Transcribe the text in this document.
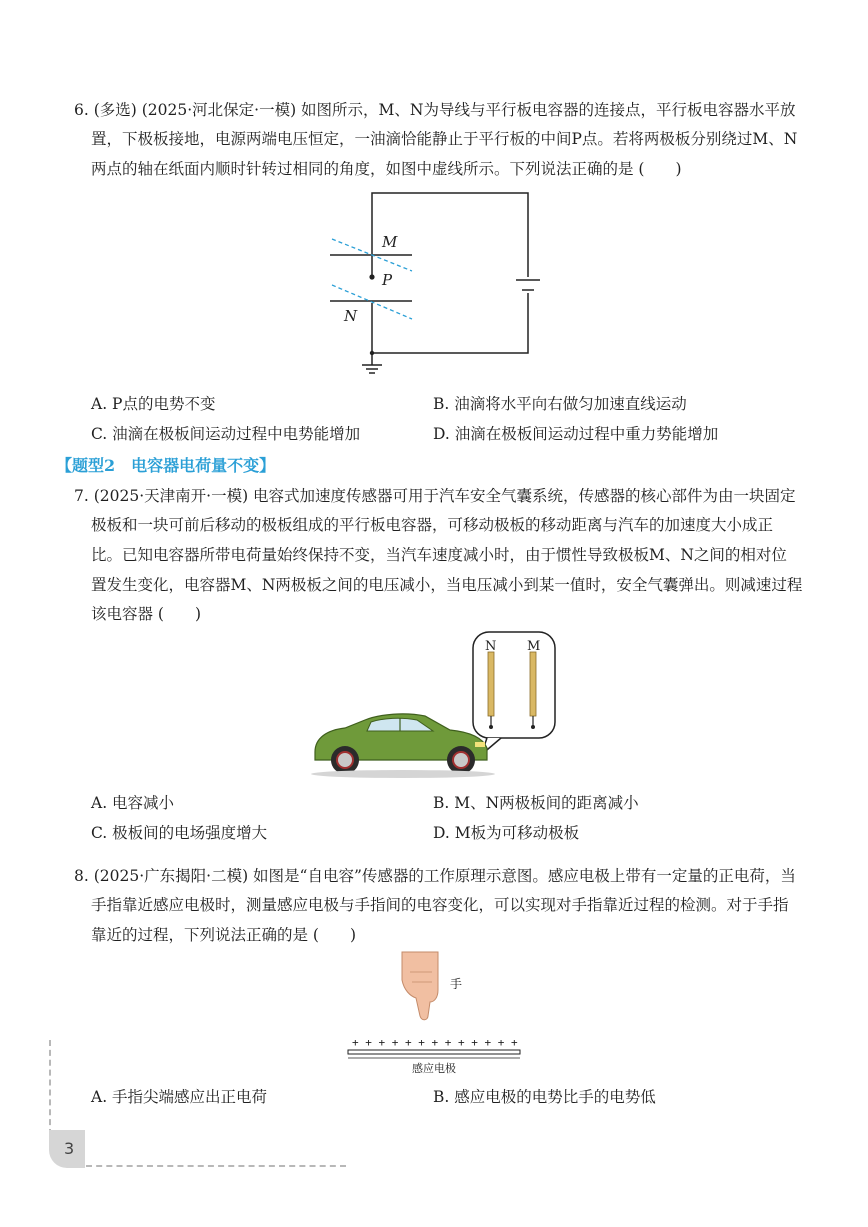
6. (多选) (2025·河北保定·一模) 如图所示，M、N为导线与平行板电容器的连接点，平行板电容器水平放
置，下极板接地，电源两端电压恒定，一油滴恰能静止于平行板的中间P点。若将两极板分别绕过M、N
两点的轴在纸面内顺时针转过相同的角度，如图中虚线所示。下列说法正确的是 (　　)
M
P
N
A. P点的电势不变	B. 油滴将水平向右做匀加速直线运动
C. 油滴在极板间运动过程中电势能增加	D. 油滴在极板间运动过程中重力势能增加
【题型2　电容器电荷量不变】
7. (2025·天津南开·一模) 电容式加速度传感器可用于汽车安全气囊系统，传感器的核心部件为由一块固定
极板和一块可前后移动的极板组成的平行板电容器，可移动极板的移动距离与汽车的加速度大小成正
比。已知电容器所带电荷量始终保持不变，当汽车速度减小时，由于惯性导致极板M、N之间的相对位
置发生变化，电容器M、N两极板之间的电压减小，当电压减小到某一值时，安全气囊弹出。则减速过程
该电容器 (　　)
N M
A. 电容减小	B. M、N两极板间的距离减小
C. 极板间的电场强度增大	D. M板为可移动极板
8. (2025·广东揭阳·二模) 如图是“自电容”传感器的工作原理示意图。感应电极上带有一定量的正电荷，当
手指靠近感应电极时，测量感应电极与手指间的电容变化，可以实现对手指靠近过程的检测。对于手指
靠近的过程，下列说法正确的是 (　　)
手
+ + + + + + + + + + + + +
感应电极
A. 手指尖端感应出正电荷	B. 感应电极的电势比手的电势低
3
